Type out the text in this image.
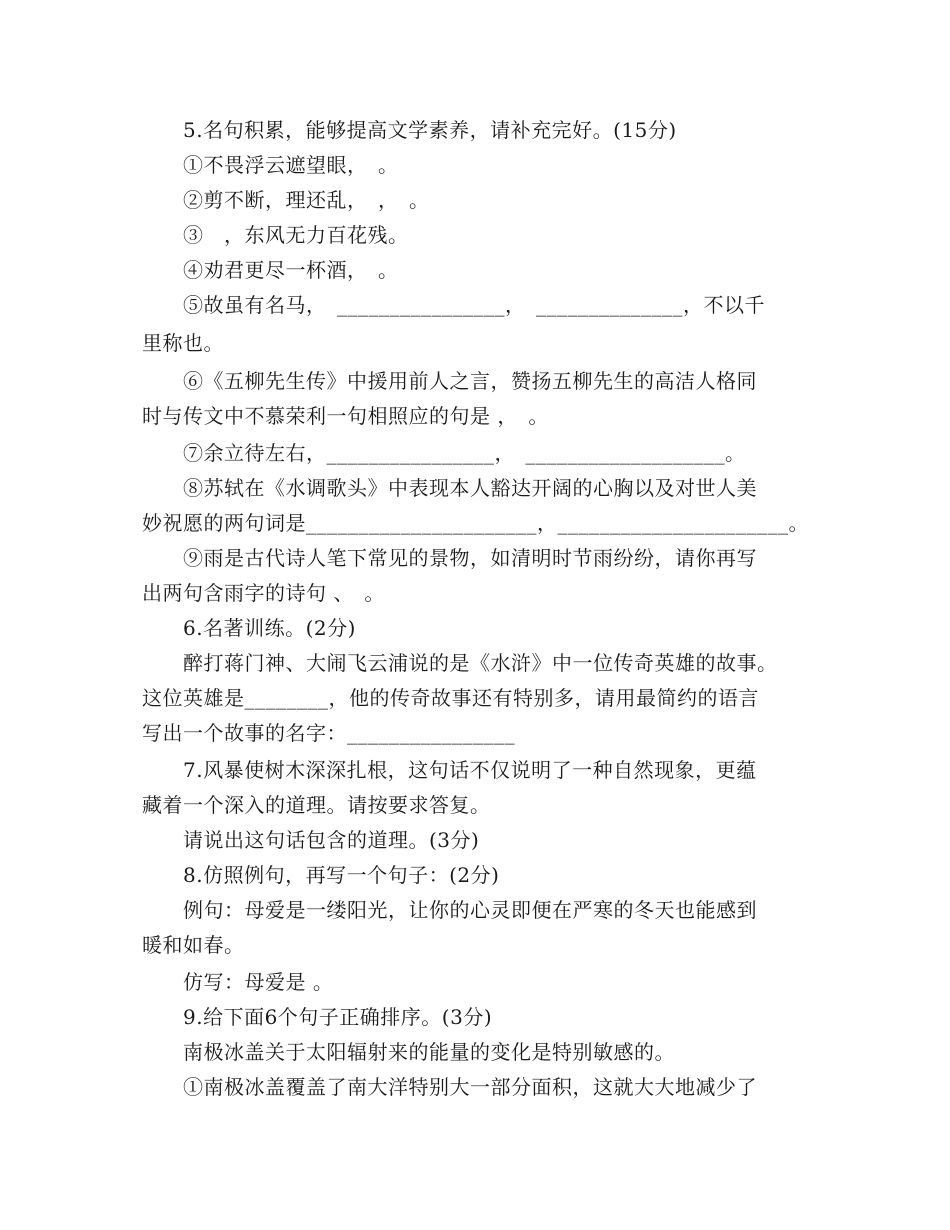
5.名句积累，能够提高文学素养，请补充完好。(15分)
①不畏浮云遮望眼，　。
②剪不断，理还乱，　，　。
③　，东风无力百花残。
④劝君更尽一杯酒，　。
⑤故虽有名马，　________________，　______________，不以千
里称也。
⑥《五柳先生传》中援用前人之言，赞扬五柳先生的高洁人格同
时与传文中不慕荣利一句相照应的句是 ，　。
⑦余立待左右，________________，　___________________。
⑧苏轼在《水调歌头》中表现本人豁达开阔的心胸以及对世人美
妙祝愿的两句词是______________________，______________________。
⑨雨是古代诗人笔下常见的景物，如清明时节雨纷纷，请你再写
出两句含雨字的诗句 、　。
6.名著训练。(2分)
醉打蒋门神、大闹飞云浦说的是《水浒》中一位传奇英雄的故事。
这位英雄是________，他的传奇故事还有特别多，请用最简约的语言
写出一个故事的名字：________________
7.风暴使树木深深扎根，这句话不仅说明了一种自然现象，更蕴
藏着一个深入的道理。请按要求答复。
请说出这句话包含的道理。(3分)
8.仿照例句，再写一个句子：(2分)
例句：母爱是一缕阳光，让你的心灵即便在严寒的冬天也能感到
暖和如春。
仿写：母爱是 。
9.给下面6个句子正确排序。(3分)
南极冰盖关于太阳辐射来的能量的变化是特别敏感的。
①南极冰盖覆盖了南大洋特别大一部分面积，这就大大地减少了
